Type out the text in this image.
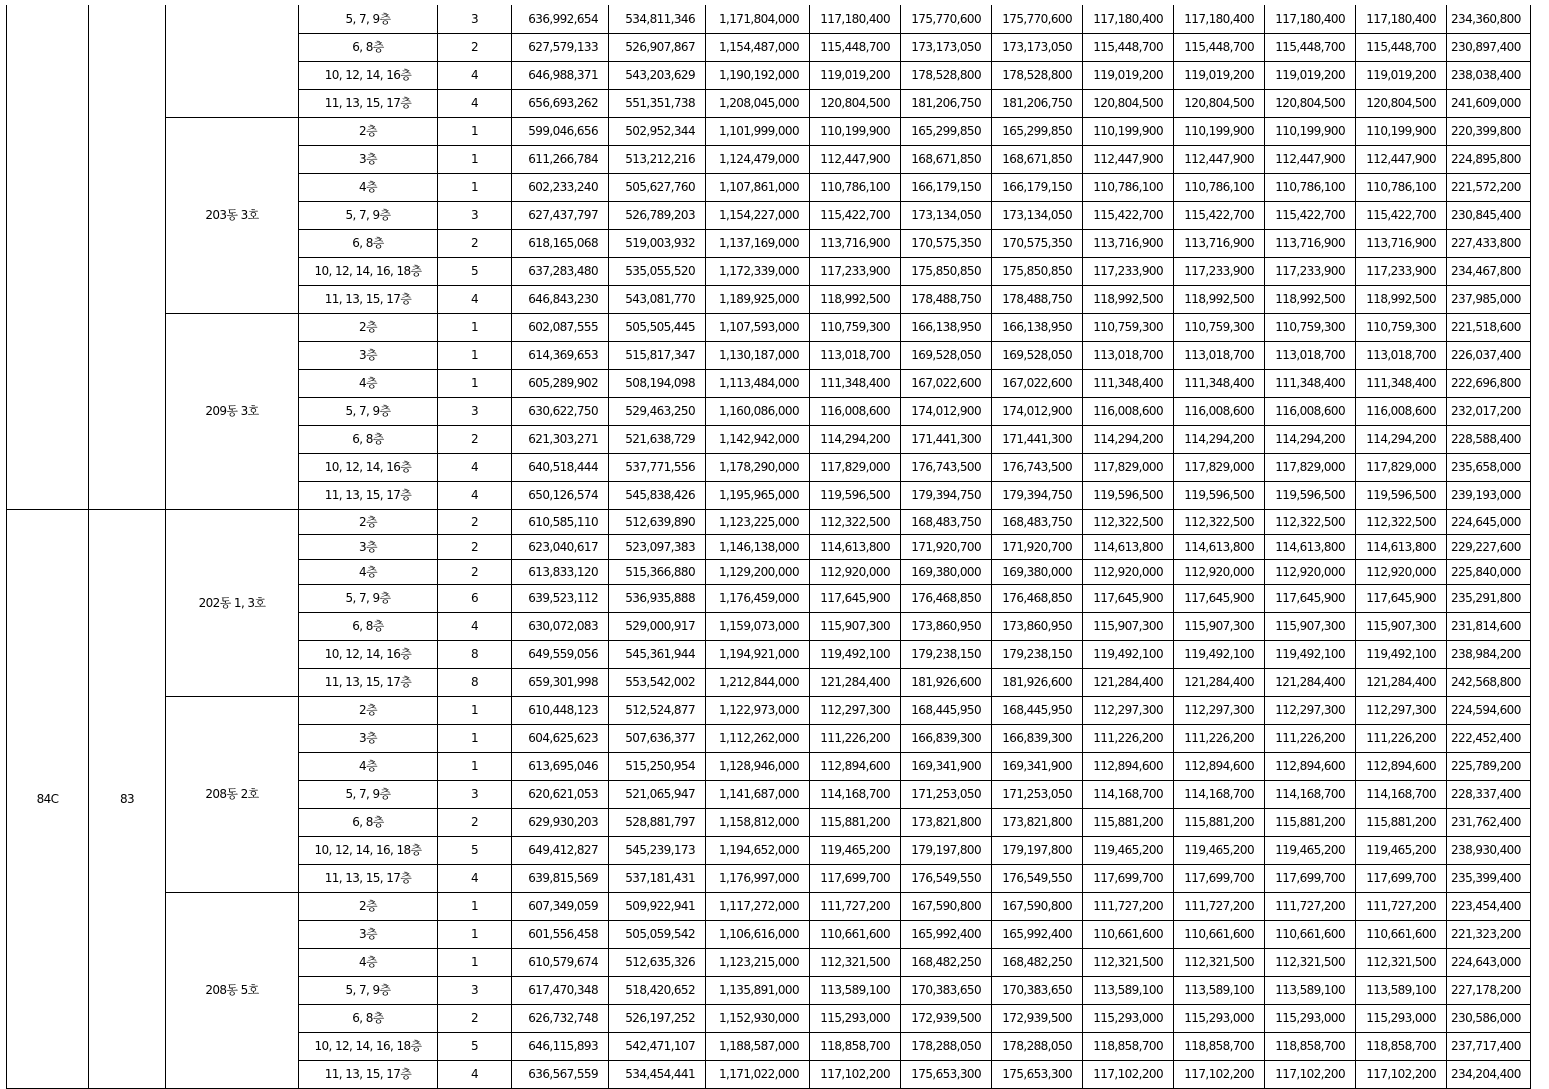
			5, 7, 9층	3	636,992,654	534,811,346	1,171,804,000	117,180,400	175,770,600	175,770,600	117,180,400	117,180,400	117,180,400	117,180,400	234,360,800
			6, 8층	2	627,579,133	526,907,867	1,154,487,000	115,448,700	173,173,050	173,173,050	115,448,700	115,448,700	115,448,700	115,448,700	230,897,400
			10, 12, 14, 16층	4	646,988,371	543,203,629	1,190,192,000	119,019,200	178,528,800	178,528,800	119,019,200	119,019,200	119,019,200	119,019,200	238,038,400
			11, 13, 15, 17층	4	656,693,262	551,351,738	1,208,045,000	120,804,500	181,206,750	181,206,750	120,804,500	120,804,500	120,804,500	120,804,500	241,609,000
		203동 3호	2층	1	599,046,656	502,952,344	1,101,999,000	110,199,900	165,299,850	165,299,850	110,199,900	110,199,900	110,199,900	110,199,900	220,399,800
			3층	1	611,266,784	513,212,216	1,124,479,000	112,447,900	168,671,850	168,671,850	112,447,900	112,447,900	112,447,900	112,447,900	224,895,800
			4층	1	602,233,240	505,627,760	1,107,861,000	110,786,100	166,179,150	166,179,150	110,786,100	110,786,100	110,786,100	110,786,100	221,572,200
			5, 7, 9층	3	627,437,797	526,789,203	1,154,227,000	115,422,700	173,134,050	173,134,050	115,422,700	115,422,700	115,422,700	115,422,700	230,845,400
			6, 8층	2	618,165,068	519,003,932	1,137,169,000	113,716,900	170,575,350	170,575,350	113,716,900	113,716,900	113,716,900	113,716,900	227,433,800
			10, 12, 14, 16, 18층	5	637,283,480	535,055,520	1,172,339,000	117,233,900	175,850,850	175,850,850	117,233,900	117,233,900	117,233,900	117,233,900	234,467,800
			11, 13, 15, 17층	4	646,843,230	543,081,770	1,189,925,000	118,992,500	178,488,750	178,488,750	118,992,500	118,992,500	118,992,500	118,992,500	237,985,000
		209동 3호	2층	1	602,087,555	505,505,445	1,107,593,000	110,759,300	166,138,950	166,138,950	110,759,300	110,759,300	110,759,300	110,759,300	221,518,600
			3층	1	614,369,653	515,817,347	1,130,187,000	113,018,700	169,528,050	169,528,050	113,018,700	113,018,700	113,018,700	113,018,700	226,037,400
			4층	1	605,289,902	508,194,098	1,113,484,000	111,348,400	167,022,600	167,022,600	111,348,400	111,348,400	111,348,400	111,348,400	222,696,800
			5, 7, 9층	3	630,622,750	529,463,250	1,160,086,000	116,008,600	174,012,900	174,012,900	116,008,600	116,008,600	116,008,600	116,008,600	232,017,200
			6, 8층	2	621,303,271	521,638,729	1,142,942,000	114,294,200	171,441,300	171,441,300	114,294,200	114,294,200	114,294,200	114,294,200	228,588,400
			10, 12, 14, 16층	4	640,518,444	537,771,556	1,178,290,000	117,829,000	176,743,500	176,743,500	117,829,000	117,829,000	117,829,000	117,829,000	235,658,000
			11, 13, 15, 17층	4	650,126,574	545,838,426	1,195,965,000	119,596,500	179,394,750	179,394,750	119,596,500	119,596,500	119,596,500	119,596,500	239,193,000
84C	83	202동 1, 3호	2층	2	610,585,110	512,639,890	1,123,225,000	112,322,500	168,483,750	168,483,750	112,322,500	112,322,500	112,322,500	112,322,500	224,645,000
			3층	2	623,040,617	523,097,383	1,146,138,000	114,613,800	171,920,700	171,920,700	114,613,800	114,613,800	114,613,800	114,613,800	229,227,600
			4층	2	613,833,120	515,366,880	1,129,200,000	112,920,000	169,380,000	169,380,000	112,920,000	112,920,000	112,920,000	112,920,000	225,840,000
			5, 7, 9층	6	639,523,112	536,935,888	1,176,459,000	117,645,900	176,468,850	176,468,850	117,645,900	117,645,900	117,645,900	117,645,900	235,291,800
			6, 8층	4	630,072,083	529,000,917	1,159,073,000	115,907,300	173,860,950	173,860,950	115,907,300	115,907,300	115,907,300	115,907,300	231,814,600
			10, 12, 14, 16층	8	649,559,056	545,361,944	1,194,921,000	119,492,100	179,238,150	179,238,150	119,492,100	119,492,100	119,492,100	119,492,100	238,984,200
			11, 13, 15, 17층	8	659,301,998	553,542,002	1,212,844,000	121,284,400	181,926,600	181,926,600	121,284,400	121,284,400	121,284,400	121,284,400	242,568,800
		208동 2호	2층	1	610,448,123	512,524,877	1,122,973,000	112,297,300	168,445,950	168,445,950	112,297,300	112,297,300	112,297,300	112,297,300	224,594,600
			3층	1	604,625,623	507,636,377	1,112,262,000	111,226,200	166,839,300	166,839,300	111,226,200	111,226,200	111,226,200	111,226,200	222,452,400
			4층	1	613,695,046	515,250,954	1,128,946,000	112,894,600	169,341,900	169,341,900	112,894,600	112,894,600	112,894,600	112,894,600	225,789,200
			5, 7, 9층	3	620,621,053	521,065,947	1,141,687,000	114,168,700	171,253,050	171,253,050	114,168,700	114,168,700	114,168,700	114,168,700	228,337,400
			6, 8층	2	629,930,203	528,881,797	1,158,812,000	115,881,200	173,821,800	173,821,800	115,881,200	115,881,200	115,881,200	115,881,200	231,762,400
			10, 12, 14, 16, 18층	5	649,412,827	545,239,173	1,194,652,000	119,465,200	179,197,800	179,197,800	119,465,200	119,465,200	119,465,200	119,465,200	238,930,400
			11, 13, 15, 17층	4	639,815,569	537,181,431	1,176,997,000	117,699,700	176,549,550	176,549,550	117,699,700	117,699,700	117,699,700	117,699,700	235,399,400
		208동 5호	2층	1	607,349,059	509,922,941	1,117,272,000	111,727,200	167,590,800	167,590,800	111,727,200	111,727,200	111,727,200	111,727,200	223,454,400
			3층	1	601,556,458	505,059,542	1,106,616,000	110,661,600	165,992,400	165,992,400	110,661,600	110,661,600	110,661,600	110,661,600	221,323,200
			4층	1	610,579,674	512,635,326	1,123,215,000	112,321,500	168,482,250	168,482,250	112,321,500	112,321,500	112,321,500	112,321,500	224,643,000
			5, 7, 9층	3	617,470,348	518,420,652	1,135,891,000	113,589,100	170,383,650	170,383,650	113,589,100	113,589,100	113,589,100	113,589,100	227,178,200
			6, 8층	2	626,732,748	526,197,252	1,152,930,000	115,293,000	172,939,500	172,939,500	115,293,000	115,293,000	115,293,000	115,293,000	230,586,000
			10, 12, 14, 16, 18층	5	646,115,893	542,471,107	1,188,587,000	118,858,700	178,288,050	178,288,050	118,858,700	118,858,700	118,858,700	118,858,700	237,717,400
			11, 13, 15, 17층	4	636,567,559	534,454,441	1,171,022,000	117,102,200	175,653,300	175,653,300	117,102,200	117,102,200	117,102,200	117,102,200	234,204,400
